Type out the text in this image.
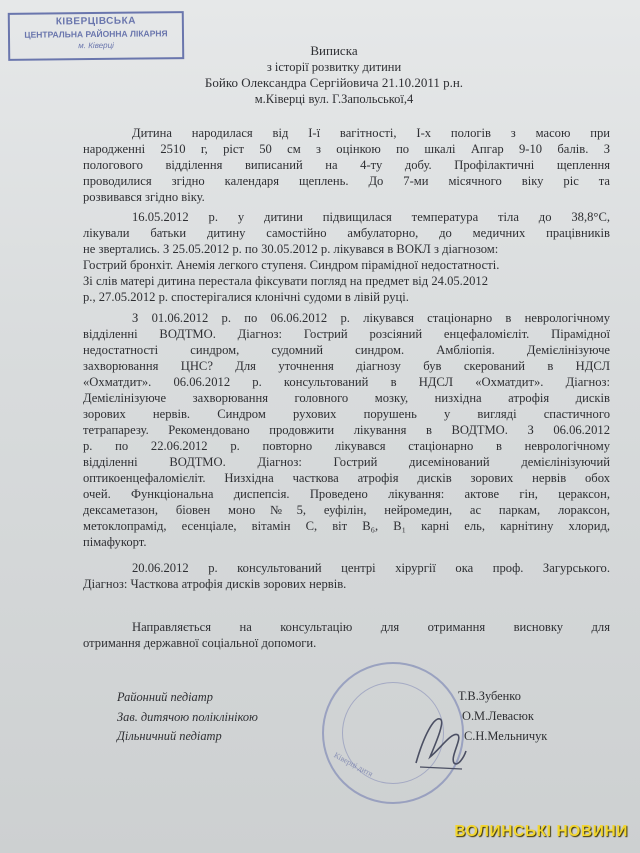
КІВЕРЦІВСЬКА
ЦЕНТРАЛЬНА РАЙОННА ЛІКАРНЯ
м. Ківерці	Виписка
з історії розвитку дитини
Бойко Олександра Сергійовича 21.10.2011 р.н.
м.Ківерці вул. Г.Запольської,4
Дитина народилася від І-ї вагітності, І-х пологів з масою при
народженні 2510 г, ріст 50 см з оцінкою по шкалі Апгар 9-10 балів. З
пологового відділення виписаний на 4-ту добу. Профілактичні щеплення
проводилися згідно календаря щеплень. До 7-ми місячного віку ріс та
розвивався згідно віку.
16.05.2012 р. у дитини підвищилася температура тіла до 38,8°С,
лікували батьки дитину самостійно амбулаторно, до медичних працівників
не звертались. З 25.05.2012 р. по 30.05.2012 р. лікувався в ВОКЛ з діагнозом:
Гострий бронхіт. Анемія легкого ступеня. Синдром пірамідної недостатності.
Зі слів матері дитина перестала фіксувати погляд на предмет від 24.05.2012
р., 27.05.2012 р. спостерігалися клонічні судоми в лівій руці.
З 01.06.2012 р. по 06.06.2012 р. лікувався стаціонарно в неврологічному
відділенні ВОДТМО. Діагноз: Гострий розсіяний енцефаломієліт. Пірамідної
недостатності синдром, судомний синдром. Амбліопія. Демієлінізуюче
захворювання ЦНС? Для уточнення діагнозу був скерований в НДСЛ
«Охматдит». 06.06.2012 р. консультований в НДСЛ «Охматдит». Діагноз:
Демієлінізуюче захворювання головного мозку, низхідна атрофія дисків
зорових нервів. Синдром рухових порушень у вигляді спастичного
тетрапарезу. Рекомендовано продовжити лікування в ВОДТМО. З 06.06.2012
р. по 22.06.2012 р. повторно лікувався стаціонарно в неврологічному
відділенні ВОДТМО. Діагноз: Гострий дисемінований демієлінізуючий
оптикоенцефаломієліт. Низхідна часткова атрофія дисків зорових нервів обох
очей. Функціональна диспепсія. Проведено лікування: актове гін, цераксон,
дексаметазон, біовен моно№5, еуфілін, нейромедин, ас паркам, лораксон,
метоклопрамід, есенціале, вітамін С, віт В₆, В₁ карні ель, карнітину хлорид,
пімафукорт.
20.06.2012 р. консультований центрі хірургії ока проф. Загурського.
Діагноз: Часткова атрофія дисків зорових нервів.
Направляється на консультацію для отримання висновку для
отримання державної соціальної допомоги.
Ківерці дитя
Районний педіатр
Зав. дитячою поліклінікою
Дільничний педіатр
Т.В.Зубенко
О.М.Левасюк
С.Н.Мельничук
ВОЛИНСЬКІ НОВИНИ
